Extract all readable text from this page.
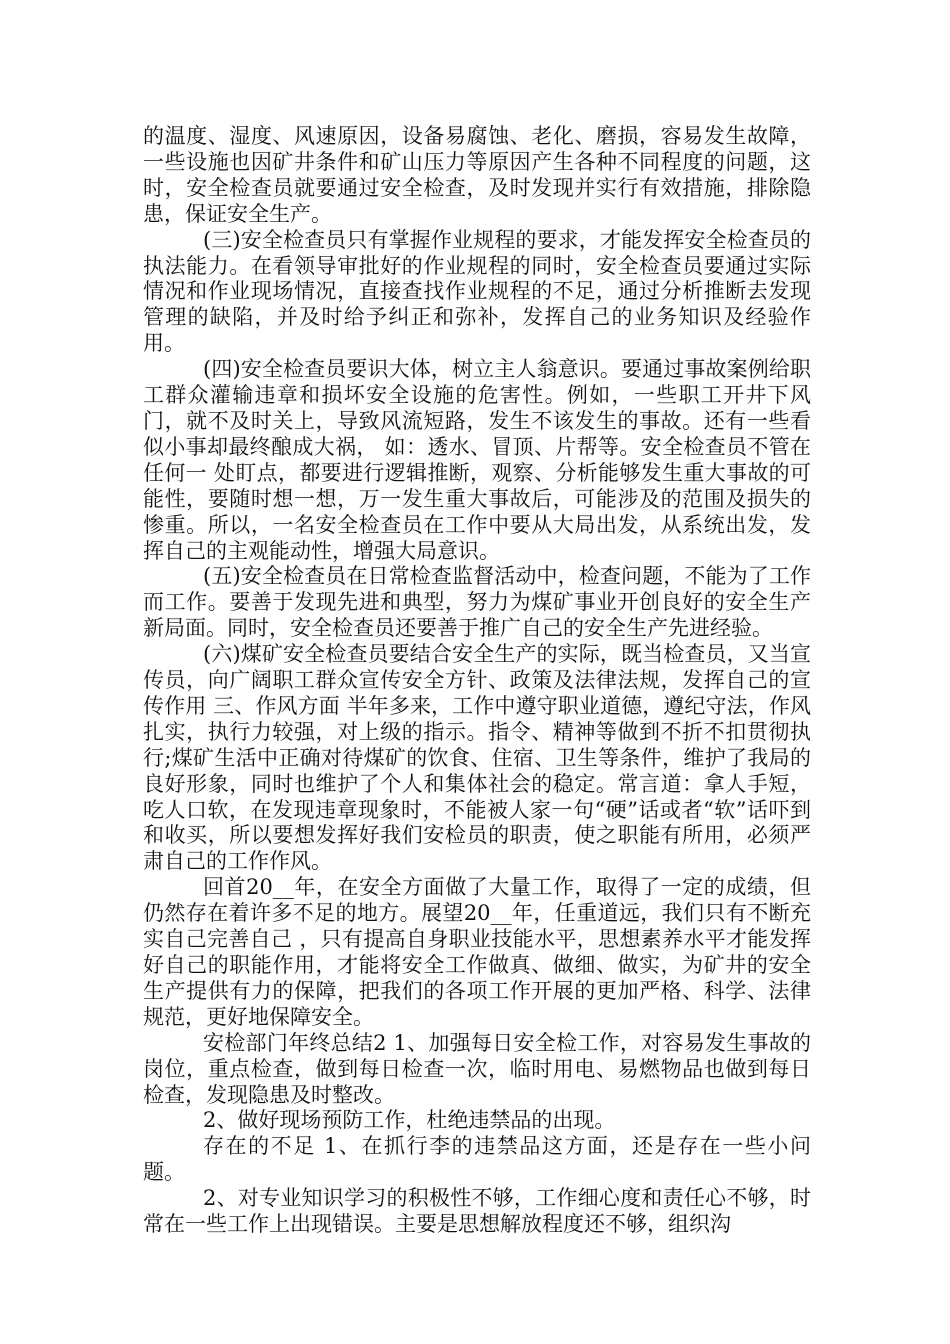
的温度、湿度、风速原因，设备易腐蚀、老化、磨损，容易发生故障，一些设施也因矿井条件和矿山压力等原因产生各种不同程度的问题，这时，安全检查员就要通过安全检查，及时发现并实行有效措施，排除隐患，保证安全生产。

(三)安全检查员只有掌握作业规程的要求，才能发挥安全检查员的执法能力。在看领导审批好的作业规程的同时，安全检查员要通过实际情况和作业现场情况，直接查找作业规程的不足，通过分析推断去发现管理的缺陷，并及时给予纠正和弥补，发挥自己的业务知识及经验作用。

(四)安全检查员要识大体，树立主人翁意识。要通过事故案例给职工群众灌输违章和损坏安全设施的危害性。例如，一些职工开井下风门，就不及时关上，导致风流短路，发生不该发生的事故。还有一些看似小事却最终酿成大祸， 如：透水、冒顶、片帮等。安全检查员不管在任何一 处盯点，都要进行逻辑推断，观察、分析能够发生重大事故的可能性，要随时想一想，万一发生重大事故后，可能涉及的范围及损失的惨重。所以，一名安全检查员在工作中要从大局出发，从系统出发，发挥自己的主观能动性，增强大局意识。

(五)安全检查员在日常检查监督活动中，检查问题，不能为了工作而工作。要善于发现先进和典型，努力为煤矿事业开创良好的安全生产新局面。同时，安全检查员还要善于推广自己的安全生产先进经验。

(六)煤矿安全检查员要结合安全生产的实际，既当检查员，又当宣传员，向广阔职工群众宣传安全方针、政策及法律法规，发挥自己的宣传作用 三、作风方面 半年多来，工作中遵守职业道德，遵纪守法，作风扎实，执行力较强，对上级的指示。指令、精神等做到不折不扣贯彻执行;煤矿生活中正确对待煤矿的饮食、住宿、卫生等条件，维护了我局的良好形象，同时也维护了个人和集体社会的稳定。常言道：拿人手短，吃人口软，在发现违章现象时，不能被人家一句“硬”话或者“软”话吓到和收买，所以要想发挥好我们安检员的职责，使之职能有所用，必须严肃自己的工作作风。

回首20__年，在安全方面做了大量工作，取得了一定的成绩，但仍然存在着许多不足的地方。展望20__年，任重道远，我们只有不断充实自己完善自己 ，只有提高自身职业技能水平，思想素养水平才能发挥好自己的职能作用，才能将安全工作做真、做细、做实，为矿井的安全生产提供有力的保障，把我们的各项工作开展的更加严格、科学、法律规范，更好地保障安全。

安检部门年终总结2 1、加强每日安全检工作，对容易发生事故的岗位，重点检查，做到每日检查一次，临时用电、易燃物品也做到每日检查，发现隐患及时整改。

2、做好现场预防工作，杜绝违禁品的出现。

存在的不足 1、在抓行李的违禁品这方面，还是存在一些小问题。

2、对专业知识学习的积极性不够，工作细心度和责任心不够，时常在一些工作上出现错误。主要是思想解放程度还不够，组织沟
